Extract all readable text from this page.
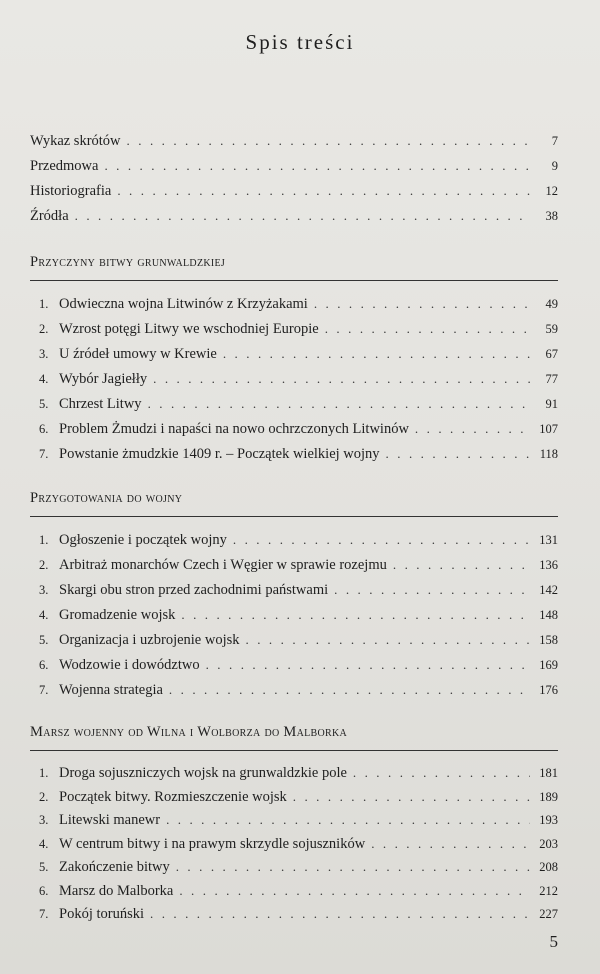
Spis treści
Wykaz skrótów . . .	7
Przedmowa . . .	9
Historiografia . . .	12
Źródła . . .	38
Przyczyny bitwy grunwaldzkiej
1. Odwieczna wojna Litwinów z Krzyżakami . . .	49
2. Wzrost potęgi Litwy we wschodniej Europie . . .	59
3. U źródeł umowy w Krewie . . .	67
4. Wybór Jagiełły . . .	77
5. Chrzest Litwy . . .	91
6. Problem Żmudzi i napaści na nowo ochrzczonych Litwinów . . .	107
7. Powstanie żmudzkie 1409 r. – Początek wielkiej wojny . . .	118
Przygotowania do wojny
1. Ogłoszenie i początek wojny . . .	131
2. Arbitraż monarchów Czech i Węgier w sprawie rozejmu . . .	136
3. Skargi obu stron przed zachodnimi państwami . . .	142
4. Gromadzenie wojsk . . .	148
5. Organizacja i uzbrojenie wojsk . . .	158
6. Wodzowie i dowództwo . . .	169
7. Wojenna strategia . . .	176
Marsz wojenny od Wilna i Wolborza do Malborka
1. Droga sojuszniczych wojsk na grunwaldzkie pole . . .	181
2. Początek bitwy. Rozmieszczenie wojsk . . .	189
3. Litewski manewr . . .	193
4. W centrum bitwy i na prawym skrzydle sojuszników . . .	203
5. Zakończenie bitwy . . .	208
6. Marsz do Malborka . . .	212
7. Pokój toruński . . .	227
5
